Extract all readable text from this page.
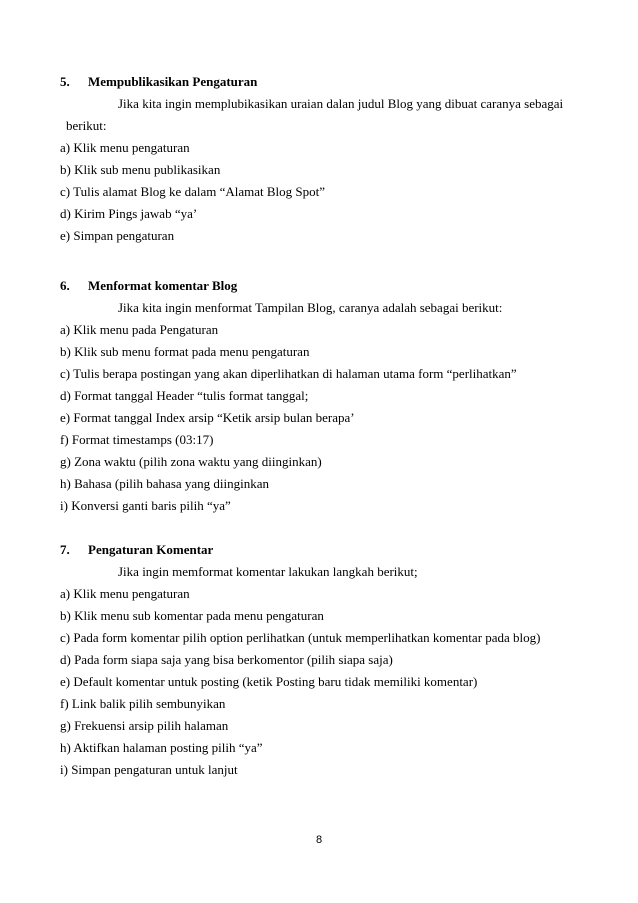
5. Mempublikasikan Pengaturan
Jika kita ingin memplubikasikan uraian dalan judul Blog yang dibuat caranya sebagai
berikut:
a) Klik menu pengaturan
b) Klik sub menu publikasikan
c) Tulis alamat Blog ke dalam “Alamat Blog Spot”
d) Kirim Pings jawab “ya’
e) Simpan pengaturan
6. Menformat komentar Blog
Jika kita ingin menformat Tampilan Blog, caranya adalah sebagai berikut:
a) Klik menu pada Pengaturan
b) Klik sub menu format pada menu pengaturan
c) Tulis berapa postingan yang akan diperlihatkan di halaman utama form “perlihatkan”
d) Format tanggal Header “tulis format tanggal;
e) Format tanggal Index arsip “Ketik arsip bulan berapa’
f) Format timestamps (03:17)
g) Zona waktu (pilih zona waktu yang diinginkan)
h) Bahasa (pilih bahasa yang diinginkan
i) Konversi ganti baris pilih “ya”
7. Pengaturan Komentar
Jika ingin memformat komentar lakukan langkah berikut;
a) Klik menu pengaturan
b) Klik menu sub komentar pada menu pengaturan
c) Pada form komentar pilih option perlihatkan (untuk memperlihatkan komentar pada blog)
d) Pada form siapa saja yang bisa berkomentor (pilih siapa saja)
e) Default komentar untuk posting (ketik Posting baru tidak memiliki komentar)
f) Link balik pilih sembunyikan
g) Frekuensi arsip pilih halaman
h) Aktifkan halaman posting pilih “ya”
i) Simpan pengaturan untuk lanjut
8
